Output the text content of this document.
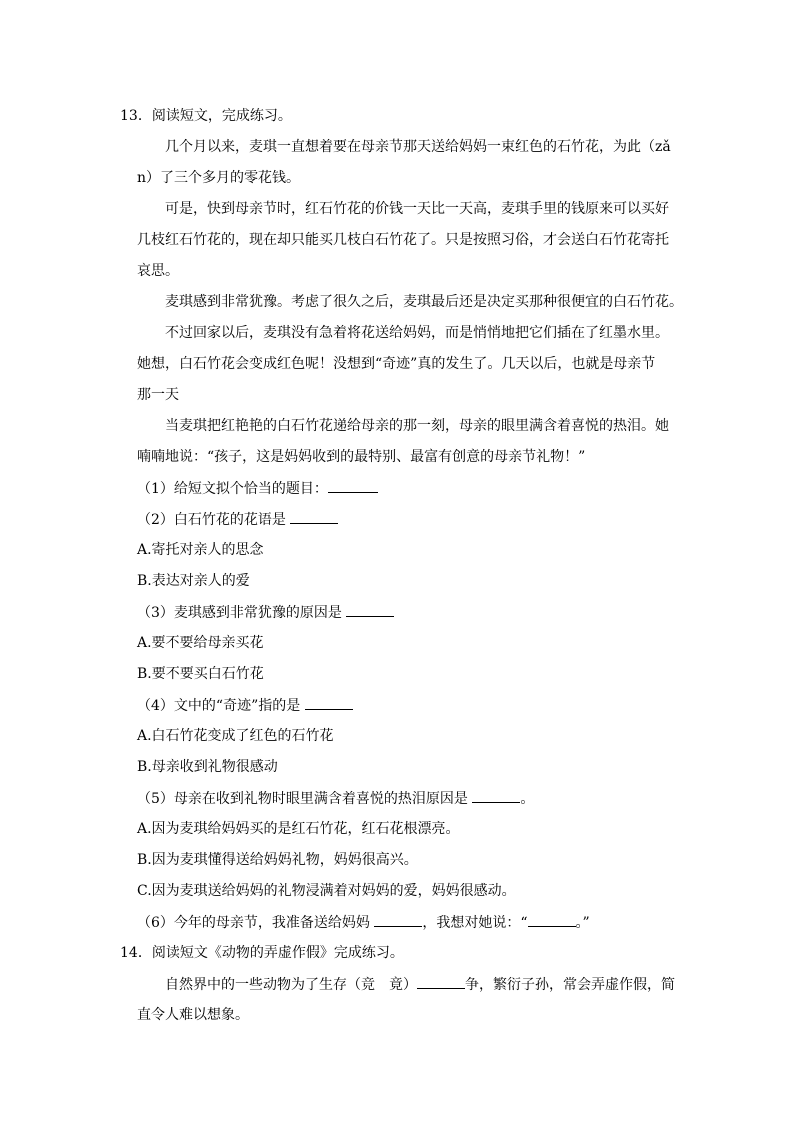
13．阅读短文，完成练习。
几个月以来，麦琪一直想着要在母亲节那天送给妈妈一束红色的石竹花，为此（zǎ
n）了三个多月的零花钱。
可是，快到母亲节时，红石竹花的价钱一天比一天高，麦琪手里的钱原来可以买好
几枝红石竹花的，现在却只能买几枝白石竹花了。只是按照习俗，才会送白石竹花寄托
哀思。
麦琪感到非常犹豫。考虑了很久之后，麦琪最后还是决定买那种很便宜的白石竹花。
不过回家以后，麦琪没有急着将花送给妈妈，而是悄悄地把它们插在了红墨水里。
她想，白石竹花会变成红色呢！没想到“奇迹”真的发生了。几天以后，也就是母亲节
那一天
当麦琪把红艳艳的白石竹花递给母亲的那一刻，母亲的眼里满含着喜悦的热泪。她
喃喃地说：“孩子，这是妈妈收到的最特别、最富有创意的母亲节礼物！”
（1）给短文拟个恰当的题目：
（2）白石竹花的花语是
A.寄托对亲人的思念
B.表达对亲人的爱
（3）麦琪感到非常犹豫的原因是
A.要不要给母亲买花
B.要不要买白石竹花
（4）文中的“奇迹”指的是
A.白石竹花变成了红色的石竹花
B.母亲收到礼物很感动
（5）母亲在收到礼物时眼里满含着喜悦的热泪原因是	。
A.因为麦琪给妈妈买的是红石竹花，红石花根漂亮。
B.因为麦琪懂得送给妈妈礼物，妈妈很高兴。
C.因为麦琪送给妈妈的礼物浸满着对妈妈的爱，妈妈很感动。
（6）今年的母亲节，我准备送给妈妈	，我想对她说：“	。”
14．阅读短文《动物的弄虚作假》完成练习。
自然界中的一些动物为了生存（竞　竟）	争，繁衍子孙，常会弄虚作假，简
直令人难以想象。
